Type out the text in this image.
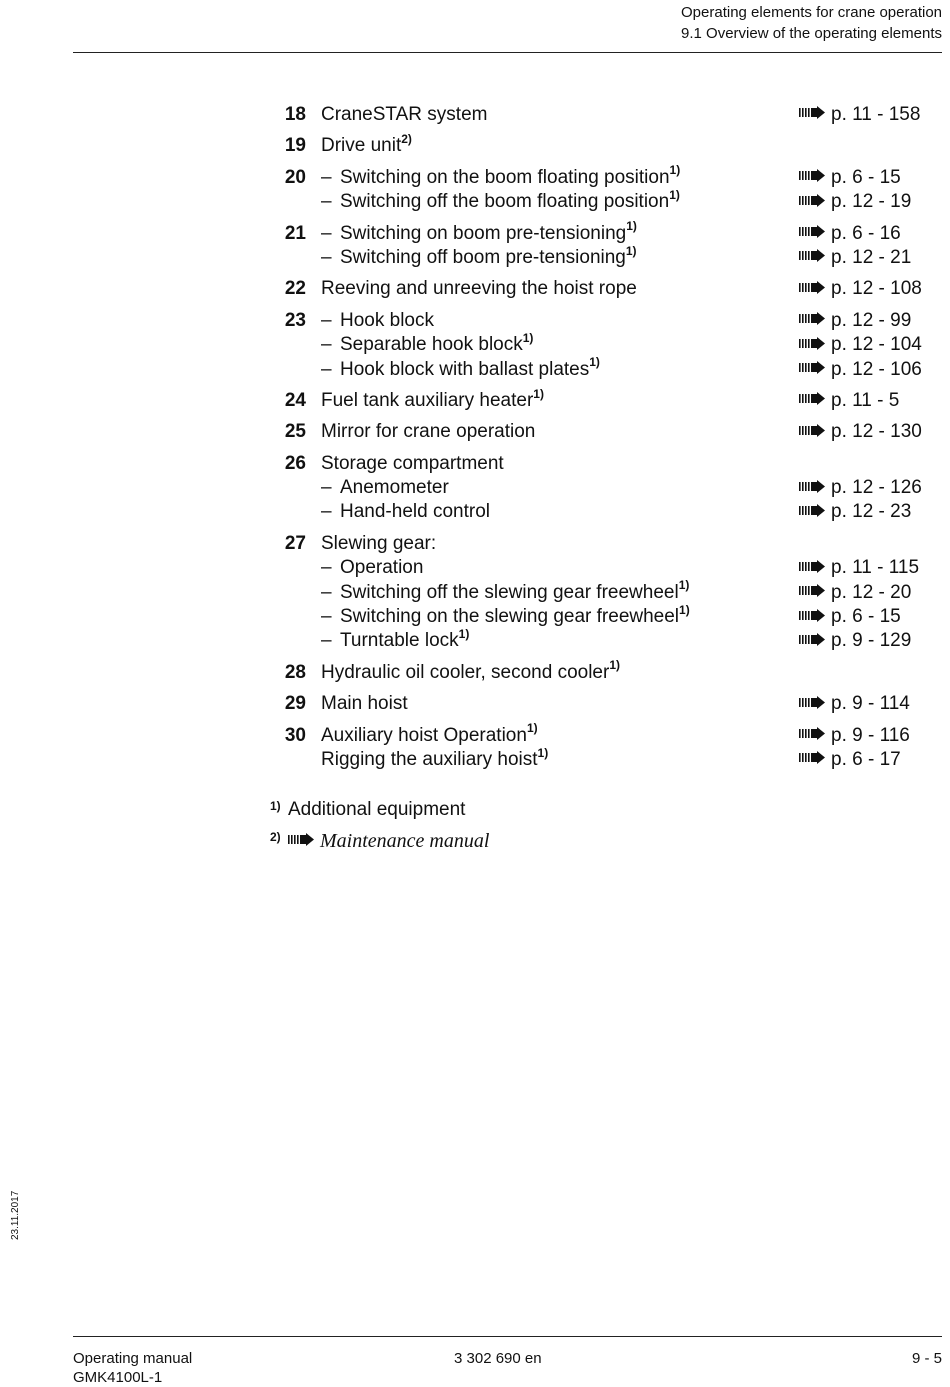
Operating elements for crane operation
9.1 Overview of the operating elements
18 CraneSTAR system	p. 11 - 158
19 Drive unit$^{2)}$
20 – Switching on the boom floating position$^{1)}$	p. 6 - 15
– Switching off the boom floating position$^{1)}$	p. 12 - 19
21 – Switching on boom pre-tensioning$^{1)}$	p. 6 - 16
– Switching off boom pre-tensioning$^{1)}$	p. 12 - 21
22 Reeving and unreeving the hoist rope	p. 12 - 108
23 – Hook block	p. 12 - 99
– Separable hook block$^{1)}$	p. 12 - 104
– Hook block with ballast plates$^{1)}$	p. 12 - 106
24 Fuel tank auxiliary heater$^{1)}$	p. 11 - 5
25 Mirror for crane operation	p. 12 - 130
26 Storage compartment
– Anemometer	p. 12 - 126
– Hand-held control	p. 12 - 23
27 Slewing gear:
– Operation	p. 11 - 115
– Switching off the slewing gear freewheel$^{1)}$	p. 12 - 20
– Switching on the slewing gear freewheel$^{1)}$	p. 6 - 15
– Turntable lock$^{1)}$	p. 9 - 129
28 Hydraulic oil cooler, second cooler$^{1)}$
29 Main hoist	p. 9 - 114
30 Auxiliary hoist Operation$^{1)}$	p. 9 - 116
Rigging the auxiliary hoist$^{1)}$	p. 6 - 17
1) Additional equipment
2)	Maintenance manual
23.11.2017
Operating manual
GMK4100L-1
3 302 690 en	9 - 5
